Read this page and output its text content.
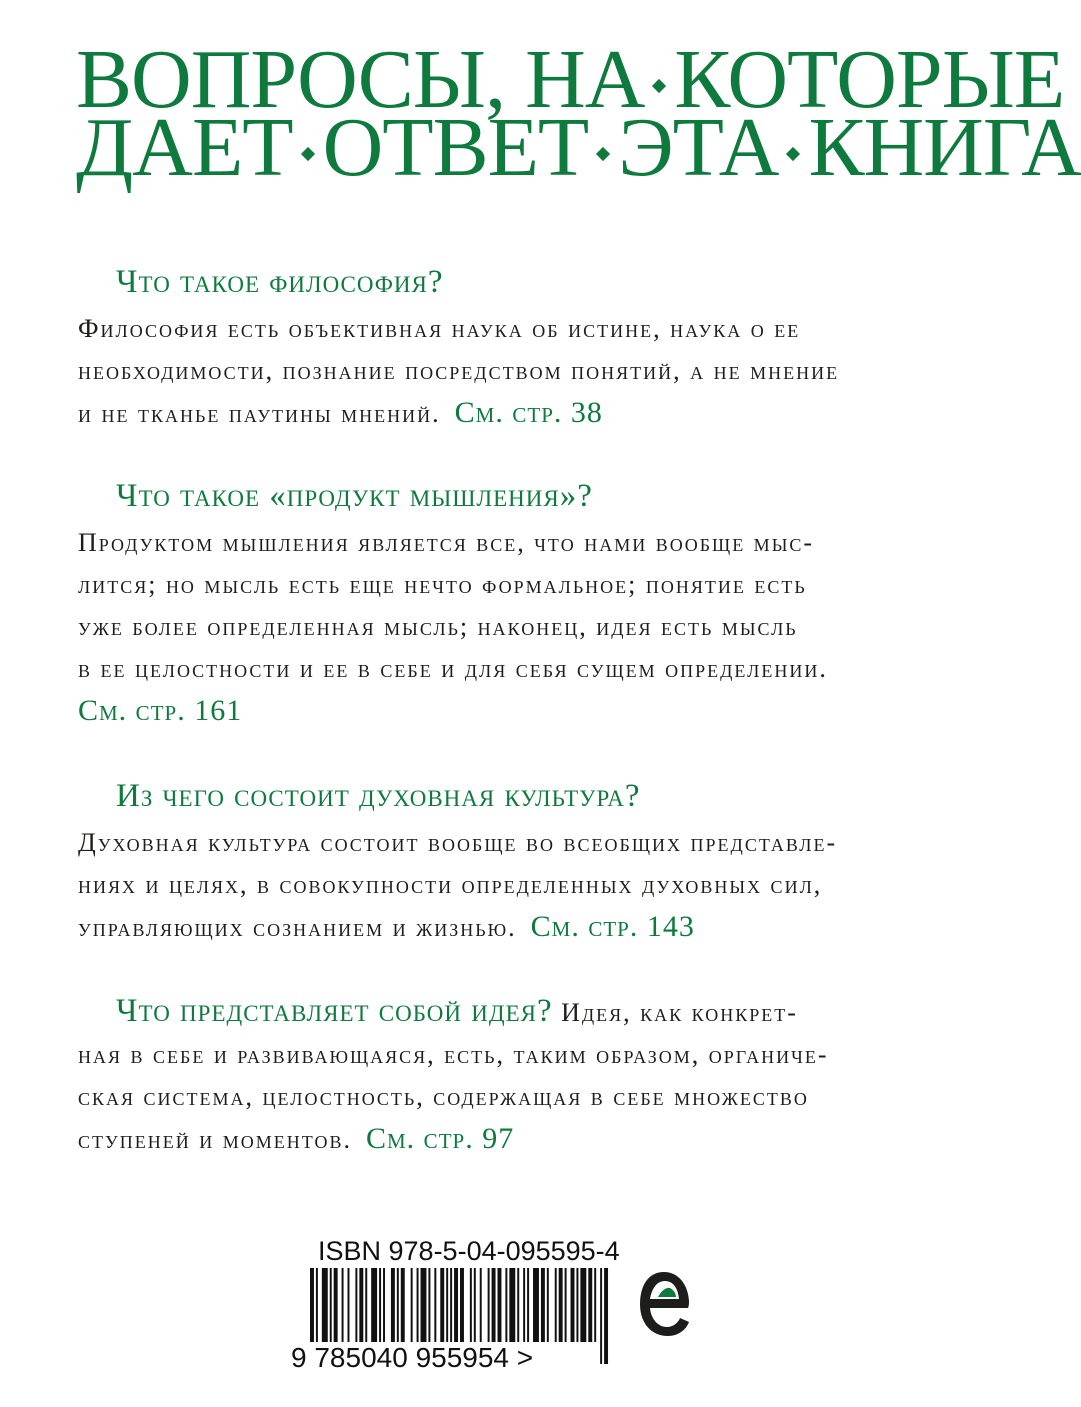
ВОПРОСЫ, НА КОТОРЫЕ
ДАЕТ ОТВЕТ ЭТА КНИГА
Что такое философия?
Философия есть объективная наука об истине, наука о ее
необходимости, познание посредством понятий, а не мнение
и не тканье паутины мнений. См. стр. 38
Что такое «продукт мышления»?
Продуктом мышления является все, что нами вообще мыс-
лится; но мысль есть еще нечто формальное; понятие есть
уже более определенная мысль; наконец, идея есть мысль
в ее целостности и ее в себе и для себя сущем определении.
См. стр. 161
Из чего состоит духовная культура?
Духовная культура состоит вообще во всеобщих представле-
ниях и целях, в совокупности определенных духовных сил,
управляющих сознанием и жизнью. См. стр. 143
Что представляет собой идея? Идея, как конкрет-
ная в себе и развивающаяся, есть, таким образом, органиче-
ская система, целостность, содержащая в себе множество
ступеней и моментов. См. стр. 97
ISBN 978-5-04-095595-4
9 785040 955954 >
